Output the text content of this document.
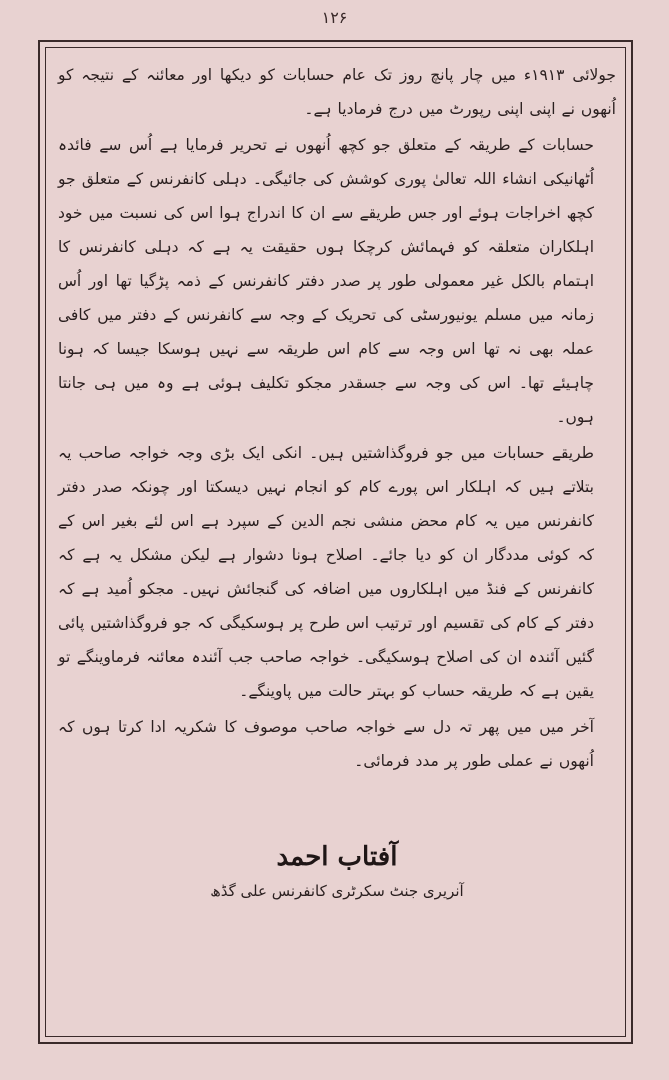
۱۲۶

جولائی ۱۹۱۳ء میں چار پانچ روز تک عام حسابات کو دیکھا اور معائنہ کے نتیجہ کو اُنھوں نے اپنی اپنی رپورٹ میں درج فرمادیا ہے۔

حسابات کے طریقہ کے متعلق جو کچھ اُنھوں نے تحریر فرمایا ہے اُس سے فائدہ اُٹھانیکی انشاء اللہ تعالیٰ پوری کوشش کی جائیگی۔ دہلی کانفرنس کے متعلق جو کچھ اخراجات ہوئے اور جس طریقے سے ان کا اندراج ہوا اس کی نسبت میں خود اہلکاران متعلقہ کو فہمائش کرچکا ہوں حقیقت یہ ہے کہ دہلی کانفرنس کا اہتمام بالکل غیر معمولی طور پر صدر دفتر کانفرنس کے ذمہ پڑگیا تھا اور اُس زمانہ میں مسلم یونیورسٹی کی تحریک کے وجہ سے کانفرنس کے دفتر میں کافی عملہ بھی نہ تھا اس وجہ سے کام اس طریقہ سے نہیں ہوسکا جیسا کہ ہونا چاہیئے تھا۔ اس کی وجہ سے جسقدر مجکو تکلیف ہوئی ہے وہ میں ہی جانتا ہوں۔

طریقے حسابات میں جو فروگذاشتیں ہیں۔ انکی ایک بڑی وجہ خواجہ صاحب یہ بتلاتے ہیں کہ اہلکار اس پورے کام کو انجام نہیں دیسکتا اور چونکہ صدر دفتر کانفرنس میں یہ کام محض منشی نجم الدین کے سپرد ہے اس لئے بغیر اس کے کہ کوئی مددگار ان کو دیا جائے۔ اصلاح ہونا دشوار ہے لیکن مشکل یہ ہے کہ کانفرنس کے فنڈ میں اہلکاروں میں اضافہ کی گنجائش نہیں۔ مجکو اُمید ہے کہ دفتر کے کام کی تقسیم اور ترتیب اس طرح پر ہوسکیگی کہ جو فروگذاشتیں پائی گئیں آئندہ ان کی اصلاح ہوسکیگی۔ خواجہ صاحب جب آئندہ معائنہ فرماوینگے تو یقین ہے کہ طریقہ حساب کو بہتر حالت میں پاوینگے۔

آخر میں میں پھر تہ دل سے خواجہ صاحب موصوف کا شکریہ ادا کرتا ہوں کہ اُنھوں نے عملی طور پر مدد فرمائی۔

آفتاب احمد
آنریری جنٹ سکرٹری کانفرنس علی گڈھ
